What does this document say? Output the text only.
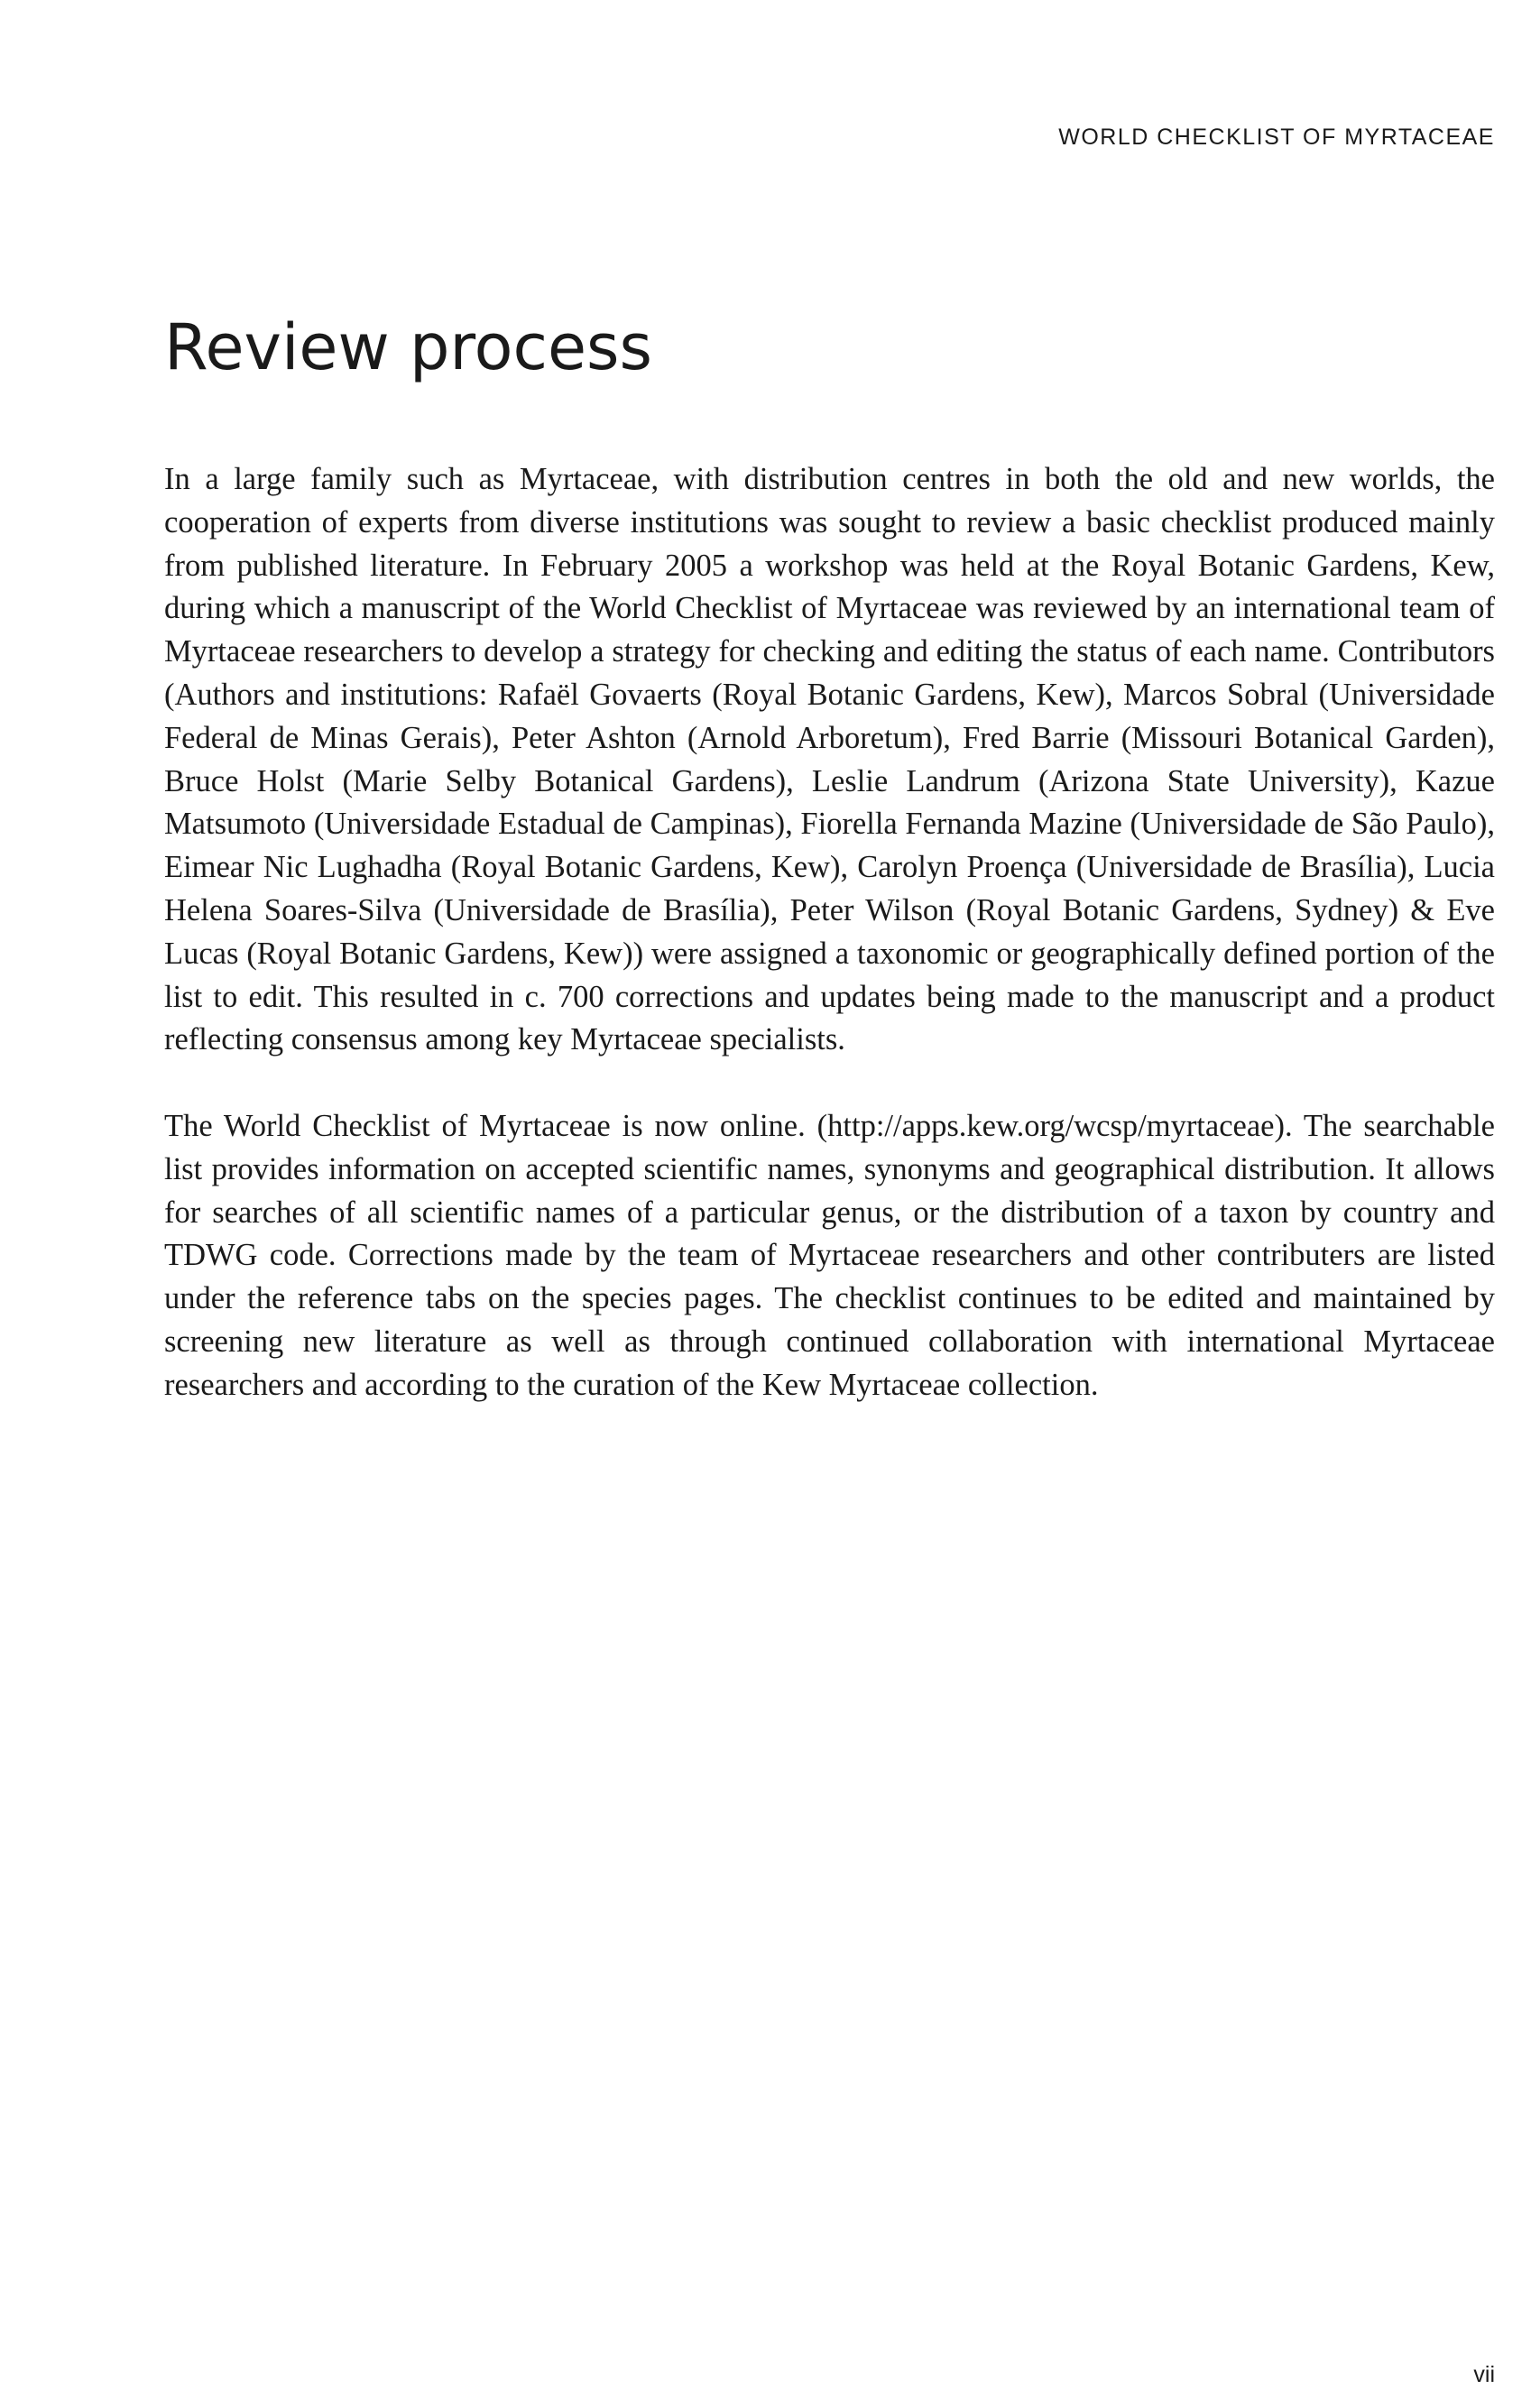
WORLD CHECKLIST OF MYRTACEAE
Review process

In a large family such as Myrtaceae, with distribution centres in both the old and new worlds, the cooperation of experts from diverse institutions was sought to review a basic checklist produced mainly from published literature. In February 2005 a workshop was held at the Royal Botanic Gardens, Kew, during which a manuscript of the World Checklist of Myrtaceae was reviewed by an international team of Myrtaceae researchers to develop a strategy for checking and editing the status of each name. Contributors (Authors and institutions: Rafaël Govaerts (Royal Botanic Gardens, Kew), Marcos Sobral (Universidade Federal de Minas Gerais), Peter Ashton (Arnold Arboretum), Fred Barrie (Missouri Botanical Garden), Bruce Holst (Marie Selby Botanical Gardens), Leslie Landrum (Arizona State University), Kazue Matsumoto (Universidade Estadual de Campinas), Fiorella Fernanda Mazine (Universidade de São Paulo), Eimear Nic Lughadha (Royal Botanic Gardens, Kew), Carolyn Proença (Universidade de Brasília), Lucia Helena Soares-Silva (Universidade de Brasília), Peter Wilson (Royal Botanic Gardens, Sydney) & Eve Lucas (Royal Botanic Gardens, Kew)) were assigned a taxonomic or geographically defined portion of the list to edit. This resulted in c. 700 corrections and updates being made to the manuscript and a product reflecting consensus among key Myrtaceae specialists.

The World Checklist of Myrtaceae is now online. (http://apps.kew.org/wcsp/myrtaceae). The searchable list provides information on accepted scientific names, synonyms and geographical distribution. It allows for searches of all scientific names of a particular genus, or the distribution of a taxon by country and TDWG code. Corrections made by the team of Myrtaceae researchers and other contributers are listed under the reference tabs on the species pages. The checklist continues to be edited and maintained by screening new literature as well as through continued collaboration with international Myrtaceae researchers and according to the curation of the Kew Myrtaceae collection.

vii
